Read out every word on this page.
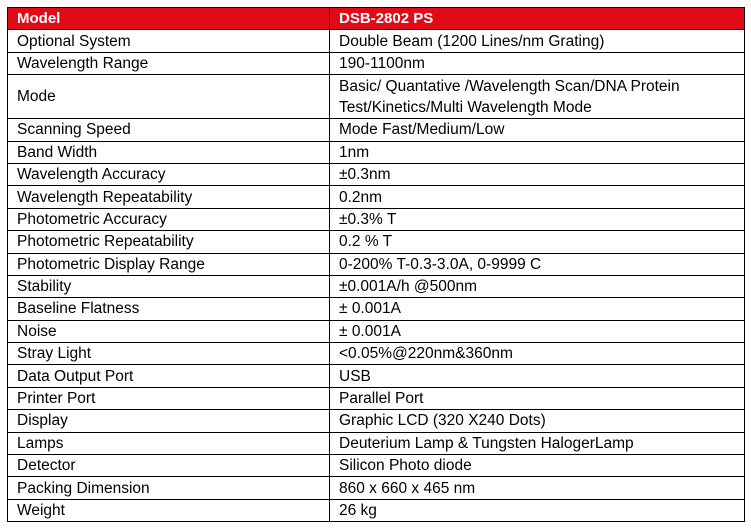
Model	DSB-2802 PS
Optional System	Double Beam (1200 Lines/nm Grating)
Wavelength Range	190-1100nm
Mode	Basic/ Quantative /Wavelength Scan/DNA Protein Test/Kinetics/Multi Wavelength Mode
Scanning Speed	Mode Fast/Medium/Low
Band Width	1nm
Wavelength Accuracy	±0.3nm
Wavelength Repeatability	0.2nm
Photometric Accuracy	±0.3% T
Photometric Repeatability	0.2 % T
Photometric Display Range	0-200% T-0.3-3.0A, 0-9999 C
Stability	±0.001A/h @500nm
Baseline Flatness	± 0.001A
Noise	± 0.001A
Stray Light	<0.05%@220nm&360nm
Data Output Port	USB
Printer Port	Parallel Port
Display	Graphic LCD (320 X240 Dots)
Lamps	Deuterium Lamp & Tungsten HalogerLamp
Detector	Silicon Photo diode
Packing Dimension	860 x 660 x 465 nm
Weight	26 kg
